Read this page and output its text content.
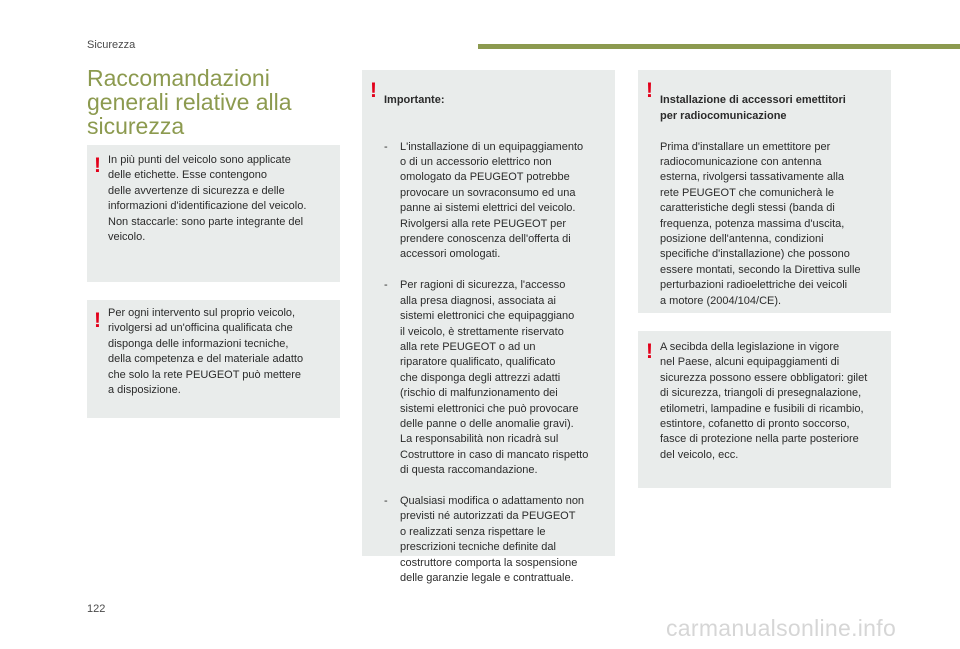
Sicurezza
Raccomandazioni
generali relative alla
sicurezza
! In più punti del veicolo sono applicate
delle etichette. Esse contengono
delle avvertenze di sicurezza e delle
informazioni d'identificazione del veicolo.
Non staccarle: sono parte integrante del
veicolo.
! Per ogni intervento sul proprio veicolo,
rivolgersi ad un'officina qualificata che
disponga delle informazioni tecniche,
della competenza e del materiale adatto
che solo la rete PEUGEOT può mettere
a disposizione.
! Importante:

- L'installazione di un equipaggiamento
o di un accessorio elettrico non
omologato da PEUGEOT potrebbe
provocare un sovraconsumo ed una
panne ai sistemi elettrici del veicolo.
Rivolgersi alla rete PEUGEOT per
prendere conoscenza dell'offerta di
accessori omologati.

- Per ragioni di sicurezza, l'accesso
alla presa diagnosi, associata ai
sistemi elettronici che equipaggiano
il veicolo, è strettamente riservato
alla rete PEUGEOT o ad un
riparatore qualificato, qualificato
che disponga degli attrezzi adatti
(rischio di malfunzionamento dei
sistemi elettronici che può provocare
delle panne o delle anomalie gravi).
La responsabilità non ricadrà sul
Costruttore in caso di mancato rispetto
di questa raccomandazione.

- Qualsiasi modifica o adattamento non
previsti né autorizzati da PEUGEOT
o realizzati senza rispettare le
prescrizioni tecniche definite dal
costruttore comporta la sospensione
delle garanzie legale e contrattuale.

! Installazione di accessori emettitori
per radiocomunicazione

Prima d'installare un emettitore per
radiocomunicazione con antenna
esterna, rivolgersi tassativamente alla
rete PEUGEOT che comunicherà le
caratteristiche degli stessi (banda di
frequenza, potenza massima d'uscita,
posizione dell'antenna, condizioni
specifiche d'installazione) che possono
essere montati, secondo la Direttiva sulle
perturbazioni radioelettriche dei veicoli
a motore (2004/104/CE).

! A secibda della legislazione in vigore
nel Paese, alcuni equipaggiamenti di
sicurezza possono essere obbligatori: gilet
di sicurezza, triangoli di presegnalazione,
etilometri, lampadine e fusibili di ricambio,
estintore, cofanetto di pronto soccorso,
fasce di protezione nella parte posteriore
del veicolo, ecc.
122
carmanualsonline.info
